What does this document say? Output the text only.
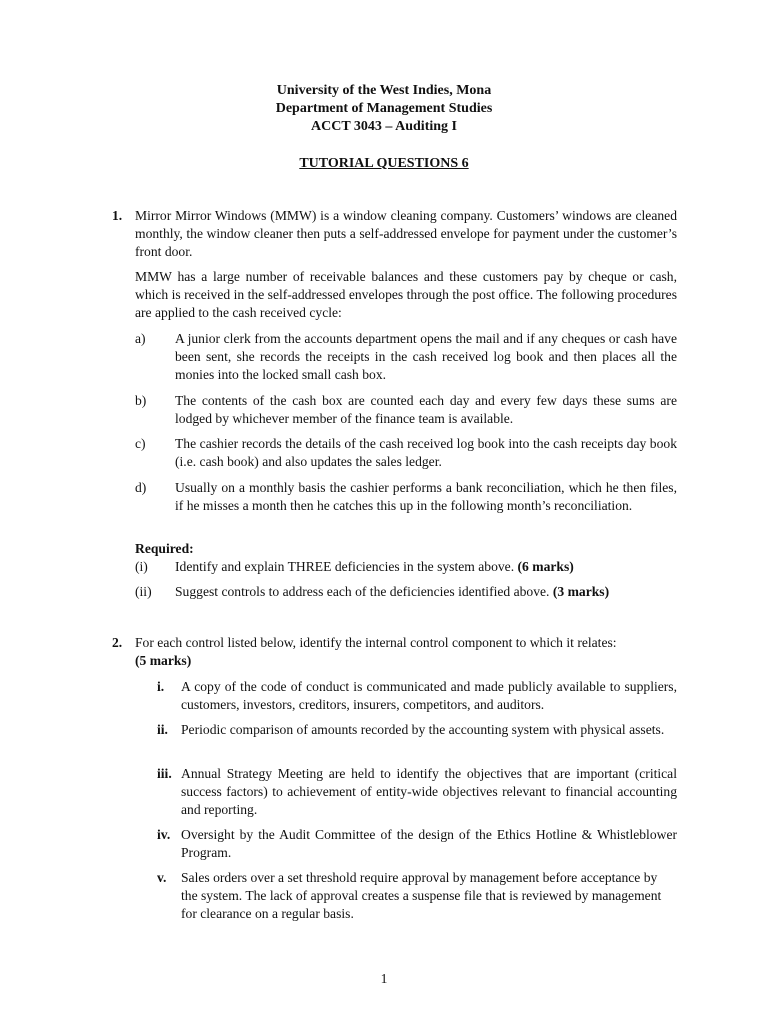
University of the West Indies, Mona
Department of Management Studies
ACCT 3043 – Auditing I
TUTORIAL QUESTIONS 6
1. Mirror Mirror Windows (MMW) is a window cleaning company. Customers’ windows are cleaned monthly, the window cleaner then puts a self-addressed envelope for payment under the customer’s front door.
MMW has a large number of receivable balances and these customers pay by cheque or cash, which is received in the self-addressed envelopes through the post office. The following procedures are applied to the cash received cycle:
a) A junior clerk from the accounts department opens the mail and if any cheques or cash have been sent, she records the receipts in the cash received log book and then places all the monies into the locked small cash box.
b) The contents of the cash box are counted each day and every few days these sums are lodged by whichever member of the finance team is available.
c) The cashier records the details of the cash received log book into the cash receipts day book (i.e. cash book) and also updates the sales ledger.
d) Usually on a monthly basis the cashier performs a bank reconciliation, which he then files, if he misses a month then he catches this up in the following month’s reconciliation.
Required:
(i) Identify and explain THREE deficiencies in the system above. (6 marks)
(ii) Suggest controls to address each of the deficiencies identified above. (3 marks)
2. For each control listed below, identify the internal control component to which it relates:
(5 marks)
i. A copy of the code of conduct is communicated and made publicly available to suppliers, customers, investors, creditors, insurers, competitors, and auditors.
ii. Periodic comparison of amounts recorded by the accounting system with physical assets.
iii. Annual Strategy Meeting are held to identify the objectives that are important (critical success factors) to achievement of entity-wide objectives relevant to financial accounting and reporting.
iv. Oversight by the Audit Committee of the design of the Ethics Hotline & Whistleblower Program.
v. Sales orders over a set threshold require approval by management before acceptance by the system. The lack of approval creates a suspense file that is reviewed by management for clearance on a regular basis.
1
